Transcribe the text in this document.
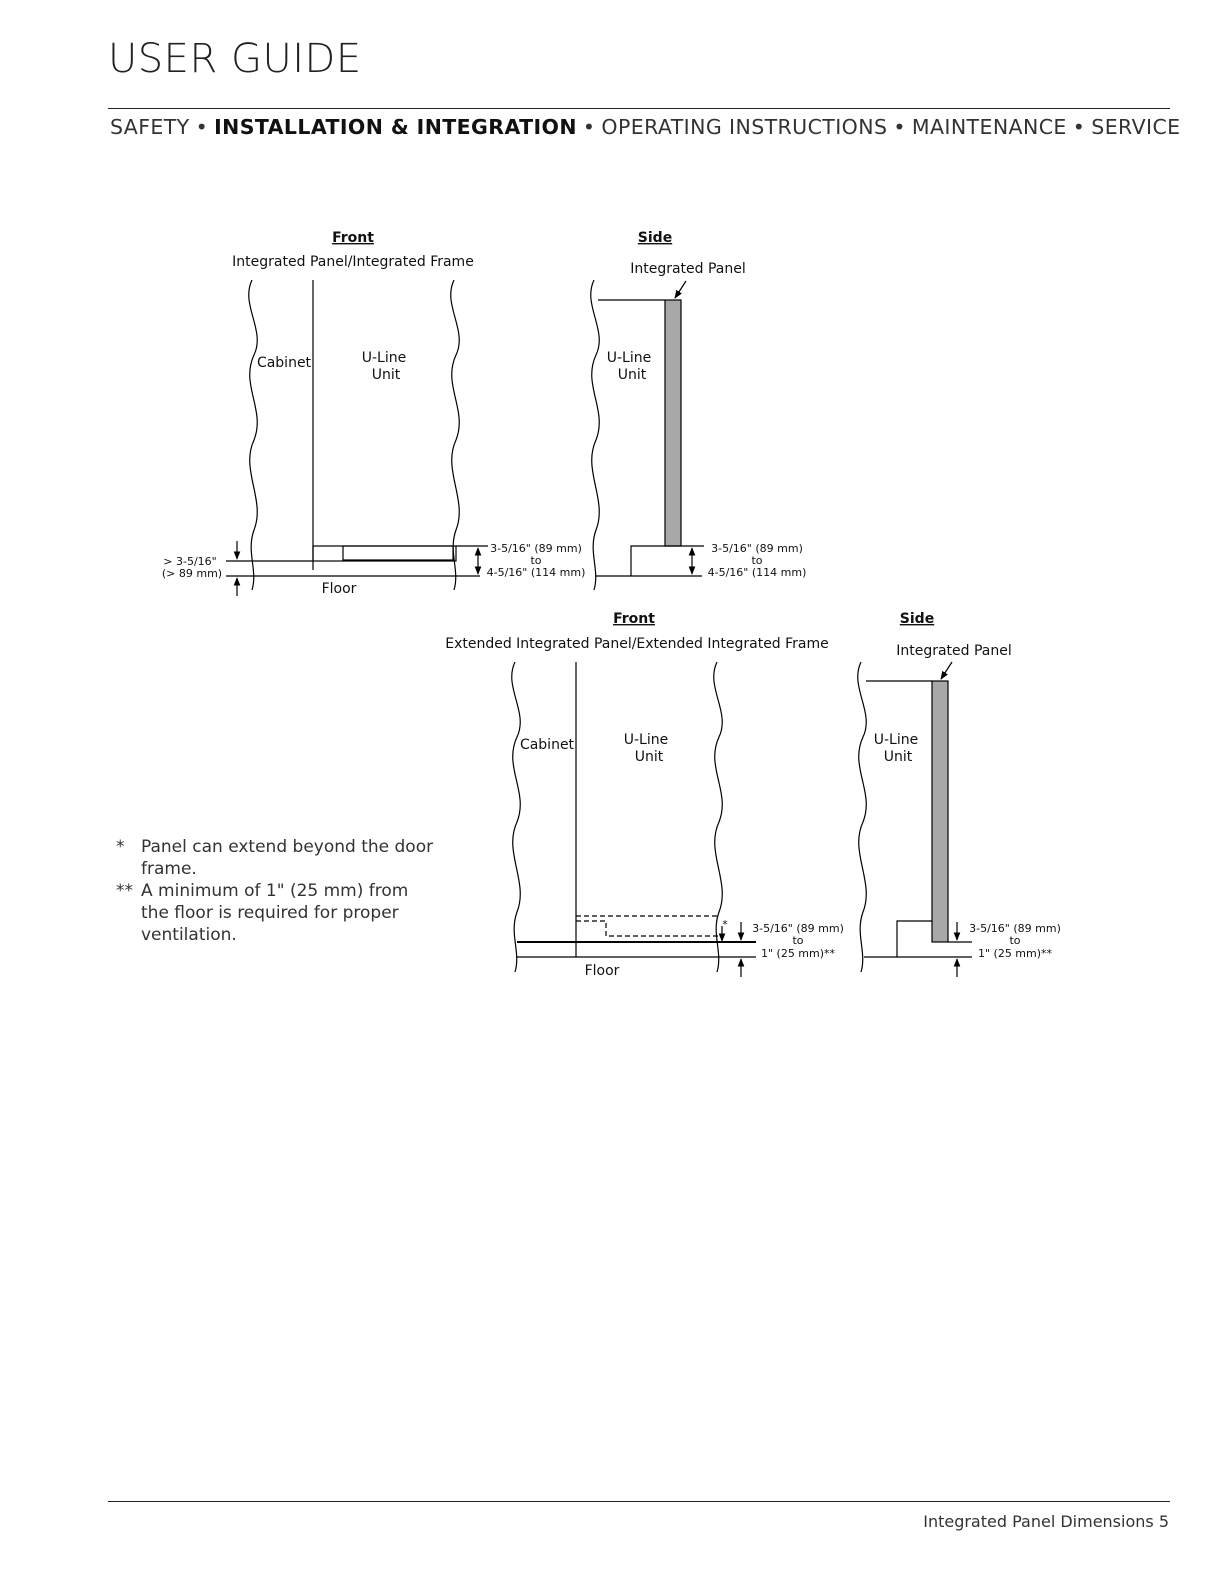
USER GUIDE
SAFETY • INSTALLATION & INTEGRATION • OPERATING INSTRUCTIONS • MAINTENANCE • SERVICE
Front
Integrated Panel/Integrated Frame
Cabinet	U-Line
Unit
Floor
> 3-5/16"
(> 89 mm)
3-5/16" (89 mm)
to
4-5/16" (114 mm)
Side
Integrated Panel
U-Line
Unit
3-5/16" (89 mm)
to
4-5/16" (114 mm)
Front
Extended Integrated Panel/Extended Integrated Frame
Cabinet	U-Line
Unit
Floor
* 3-5/16" (89 mm)
to
1" (25 mm)**
Side
Integrated Panel
U-Line
Unit
3-5/16" (89 mm)
to
1" (25 mm)**
* Panel can extend beyond the door frame.
** A minimum of 1" (25 mm) from the floor is required for proper ventilation.
Integrated Panel Dimensions 5
